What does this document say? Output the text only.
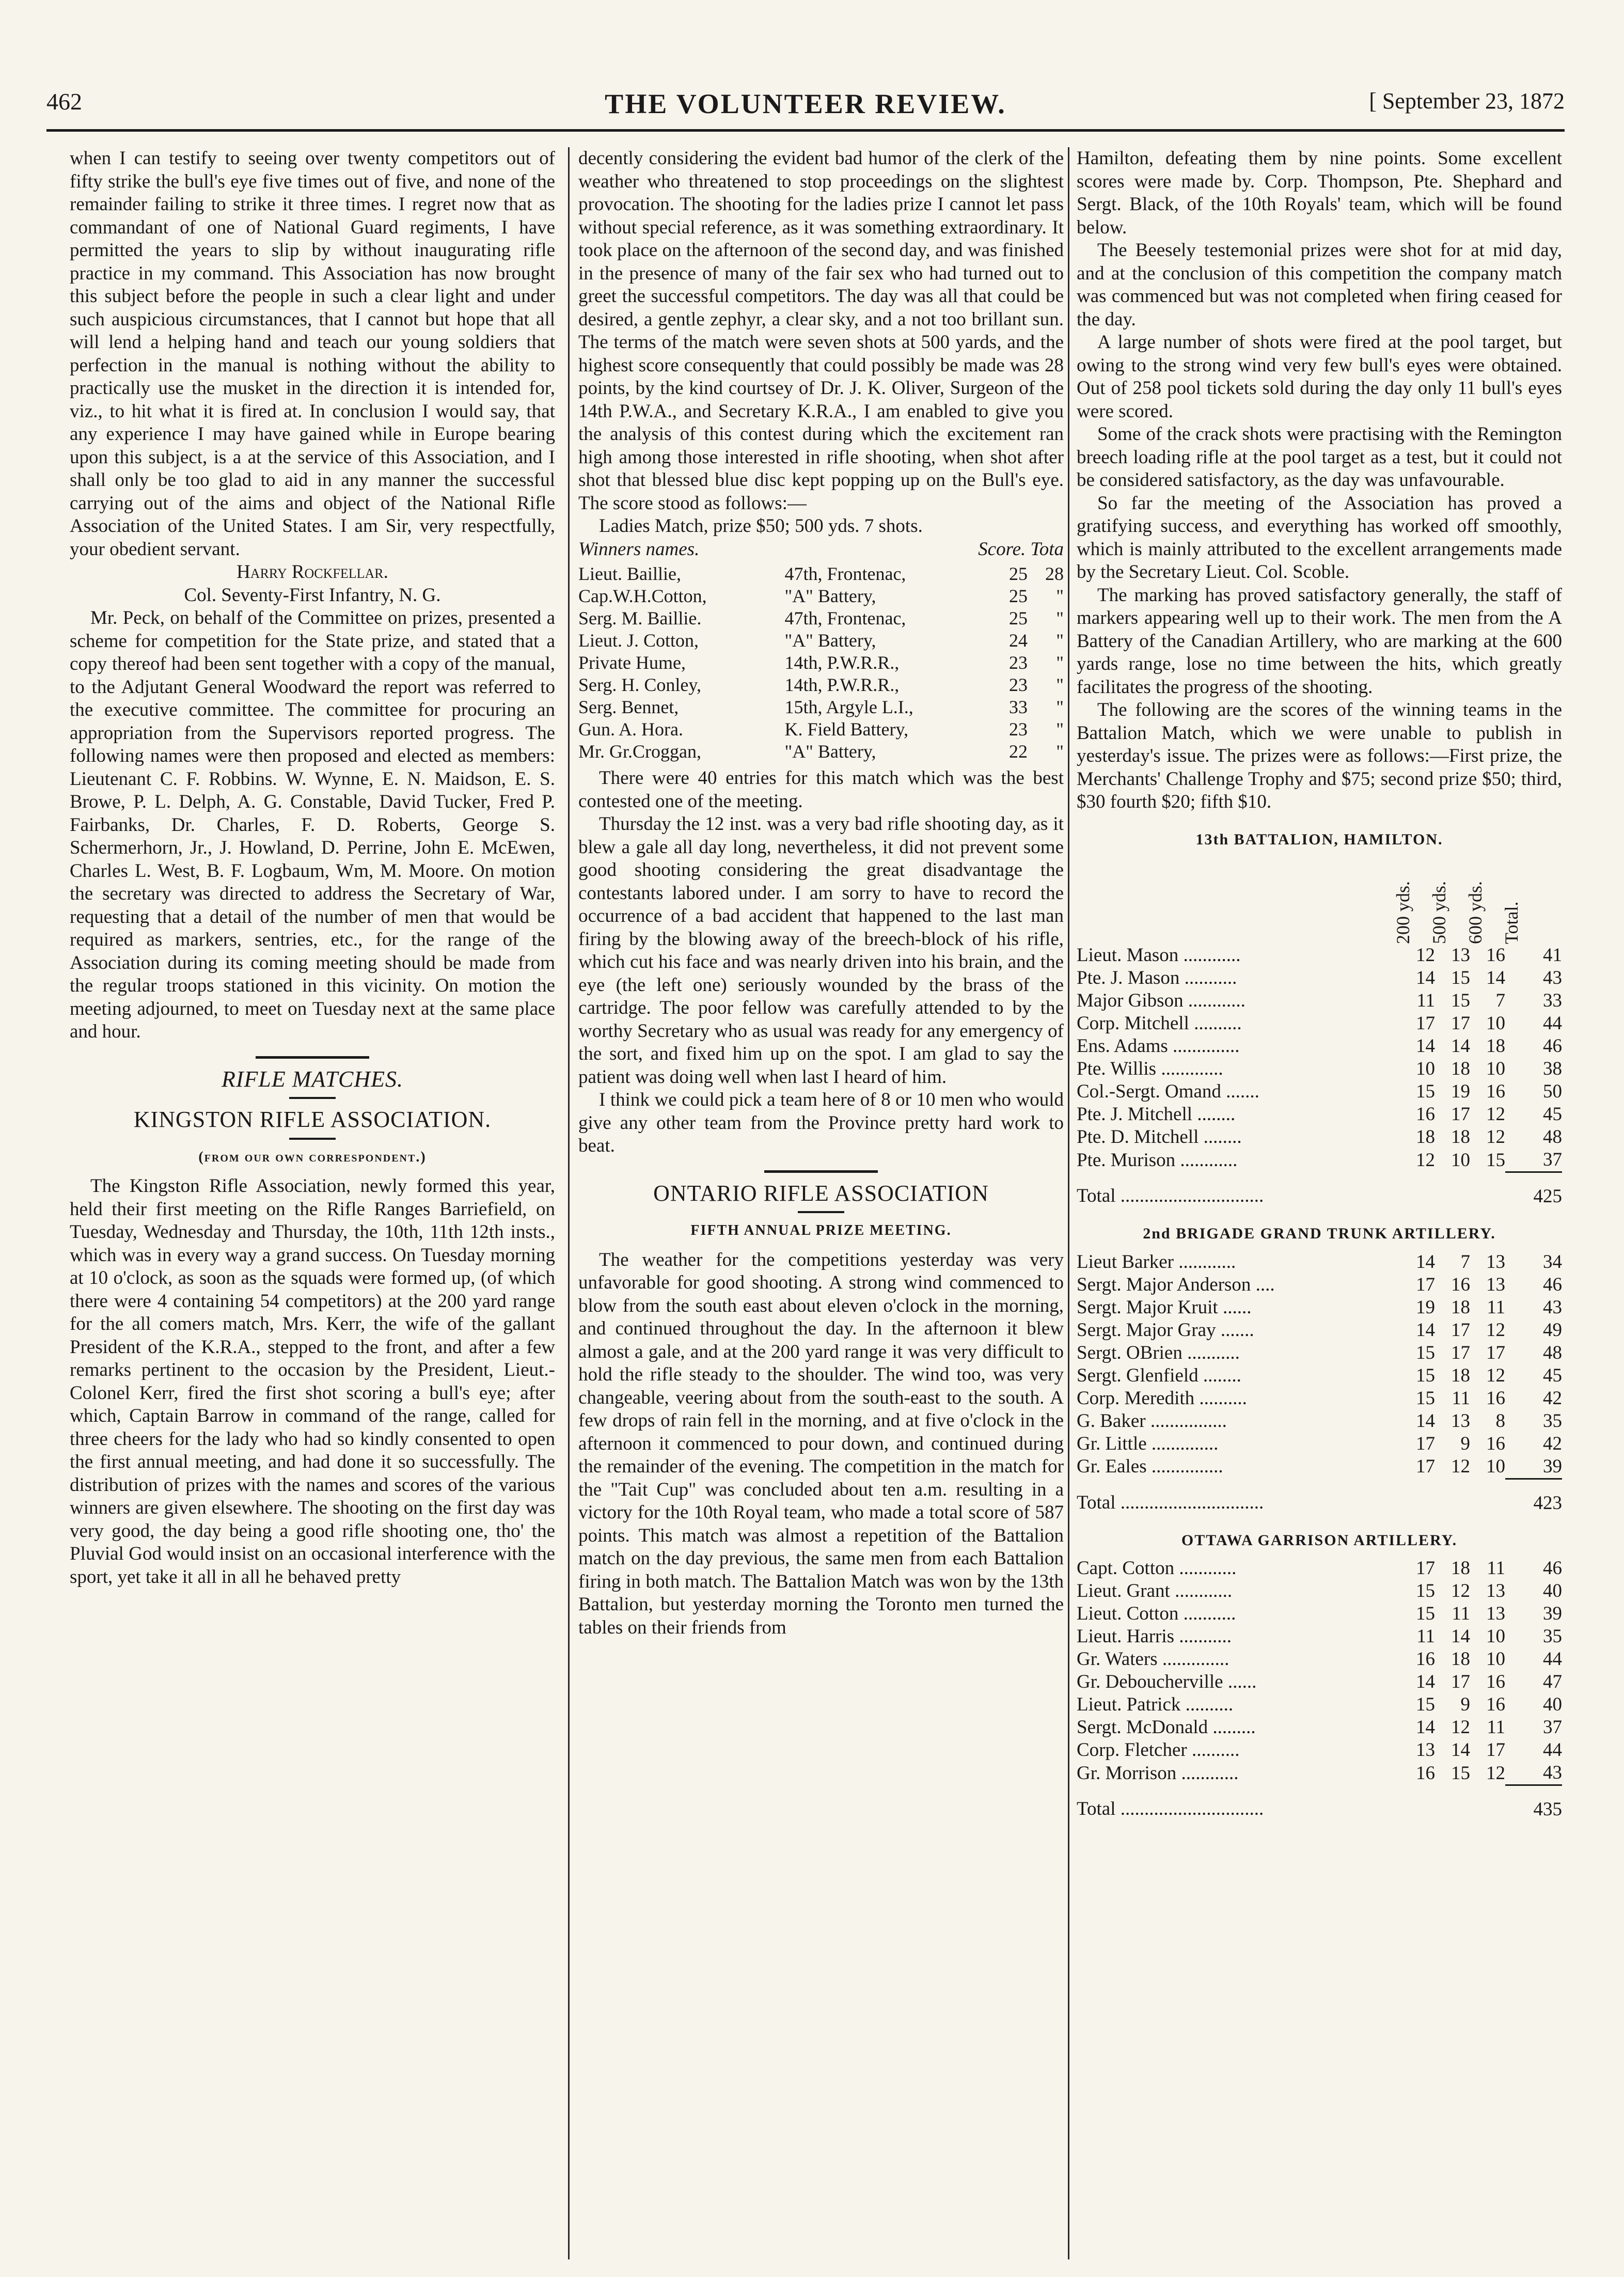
462	THE VOLUNTEER REVIEW.	[ September 23, 1872

when I can testify to seeing over twenty competitors out of fifty strike the bull's eye five times out of five, and none of the remainder failing to strike it three times. I regret now that as commandant of one of National Guard regiments, I have permitted the years to slip by without inaugurating rifle practice in my command. This Association has now brought this subject before the people in such a clear light and under such auspicious circumstances, that I cannot but hope that all will lend a helping hand and teach our young soldiers that perfection in the manual is nothing without the ability to practically use the musket in the direction it is intended for, viz., to hit what it is fired at. In conclusion I would say, that any experience I may have gained while in Europe bearing upon this subject, is a at the service of this Association, and I shall only be too glad to aid in any manner the successful carrying out of the aims and object of the National Rifle Association of the United States. I am Sir, very respectfully, your obedient servant.

Harry Rockfellar.

Col. Seventy-First Infantry, N. G.

Mr. Peck, on behalf of the Committee on prizes, presented a scheme for competition for the State prize, and stated that a copy thereof had been sent together with a copy of the manual, to the Adjutant General Woodward the report was referred to the executive committee. The committee for procuring an appropriation from the Supervisors reported progress. The following names were then proposed and elected as members: Lieutenant C. F. Robbins. W. Wynne, E. N. Maidson, E. S. Browe, P. L. Delph, A. G. Constable, David Tucker, Fred P. Fairbanks, Dr. Charles, F. D. Roberts, George S. Schermerhorn, Jr., J. Howland, D. Perrine, John E. McEwen, Charles L. West, B. F. Logbaum, Wm, M. Moore. On motion the secretary was directed to address the Secretary of War, requesting that a detail of the number of men that would be required as markers, sentries, etc., for the range of the Association during its coming meeting should be made from the regular troops stationed in this vicinity. On motion the meeting adjourned, to meet on Tuesday next at the same place and hour.

RIFLE MATCHES.

KINGSTON RIFLE ASSOCIATION.

(from our own correspondent.)

The Kingston Rifle Association, newly formed this year, held their first meeting on the Rifle Ranges Barriefield, on Tuesday, Wednesday and Thursday, the 10th, 11th 12th insts., which was in every way a grand success. On Tuesday morning at 10 o'clock, as soon as the squads were formed up, (of which there were 4 containing 54 competitors) at the 200 yard range for the all comers match, Mrs. Kerr, the wife of the gallant President of the K.R.A., stepped to the front, and after a few remarks pertinent to the occasion by the President, Lieut.-Colonel Kerr, fired the first shot scoring a bull's eye; after which, Captain Barrow in command of the range, called for three cheers for the lady who had so kindly consented to open the first annual meeting, and had done it so successfully. The distribution of prizes with the names and scores of the various winners are given elsewhere. The shooting on the first day was very good, the day being a good rifle shooting one, tho' the Pluvial God would insist on an occasional interference with the sport, yet take it all in all he behaved pretty

decently considering the evident bad humor of the clerk of the weather who threatened to stop proceedings on the slightest provocation. The shooting for the ladies prize I cannot let pass without special reference, as it was something extraordinary. It took place on the afternoon of the second day, and was finished in the presence of many of the fair sex who had turned out to greet the successful competitors. The day was all that could be desired, a gentle zephyr, a clear sky, and a not too brillant sun. The terms of the match were seven shots at 500 yards, and the highest score consequently that could possibly be made was 28 points, by the kind courtsey of Dr. J. K. Oliver, Surgeon of the 14th P.W.A., and Secretary K.R.A., I am enabled to give you the analysis of this contest during which the excitement ran high among those interested in rifle shooting, when shot after shot that blessed blue disc kept popping up on the Bull's eye. The score stood as follows:—

Ladies Match, prize $50; 500 yds. 7 shots.

Winners names.	Score. Tota
Lieut. Baillie,	47th, Frontenac,	25	28
Cap.W.H.Cotton,	"A" Battery,	25	"
Serg. M. Baillie.	47th, Frontenac,	25	"
Lieut. J. Cotton,	"A" Battery,	24	"
Private Hume,	14th, P.W.R.R.,	23	"
Serg. H. Conley,	14th, P.W.R.R.,	23	"
Serg. Bennet,	15th, Argyle L.I.,	33	"
Gun. A. Hora.	K. Field Battery,	23	"
Mr. Gr.Croggan,	"A" Battery,	22	"

There were 40 entries for this match which was the best contested one of the meeting.

Thursday the 12 inst. was a very bad rifle shooting day, as it blew a gale all day long, nevertheless, it did not prevent some good shooting considering the great disadvantage the contestants labored under. I am sorry to have to record the occurrence of a bad accident that happened to the last man firing by the blowing away of the breech-block of his rifle, which cut his face and was nearly driven into his brain, and the eye (the left one) seriously wounded by the brass of the cartridge. The poor fellow was carefully attended to by the worthy Secretary who as usual was ready for any emergency of the sort, and fixed him up on the spot. I am glad to say the patient was doing well when last I heard of him.

I think we could pick a team here of 8 or 10 men who would give any other team from the Province pretty hard work to beat.

ONTARIO RIFLE ASSOCIATION

FIFTH ANNUAL PRIZE MEETING.

The weather for the competitions yesterday was very unfavorable for good shooting. A strong wind commenced to blow from the south east about eleven o'clock in the morning, and continued throughout the day. In the afternoon it blew almost a gale, and at the 200 yard range it was very difficult to hold the rifle steady to the shoulder. The wind too, was very changeable, veering about from the south-east to the south. A few drops of rain fell in the morning, and at five o'clock in the afternoon it commenced to pour down, and continued during the remainder of the evening. The competition in the match for the "Tait Cup" was concluded about ten a.m. resulting in a victory for the 10th Royal team, who made a total score of 587 points. This match was almost a repetition of the Battalion match on the day previous, the same men from each Battalion firing in both match. The Battalion Match was won by the 13th Battalion, but yesterday morning the Toronto men turned the tables on their friends from

Hamilton, defeating them by nine points. Some excellent scores were made by. Corp. Thompson, Pte. Shephard and Sergt. Black, of the 10th Royals' team, which will be found below.

The Beesely testemonial prizes were shot for at mid day, and at the conclusion of this competition the company match was commenced but was not completed when firing ceased for the day.

A large number of shots were fired at the pool target, but owing to the strong wind very few bull's eyes were obtained. Out of 258 pool tickets sold during the day only 11 bull's eyes were scored.

Some of the crack shots were practising with the Remington breech loading rifle at the pool target as a test, but it could not be considered satisfactory, as the day was unfavourable.

So far the meeting of the Association has proved a gratifying success, and everything has worked off smoothly, which is mainly attributed to the excellent arrangements made by the Secretary Lieut. Col. Scoble.

The marking has proved satisfactory generally, the staff of markers appearing well up to their work. The men from the A Battery of the Canadian Artillery, who are marking at the 600 yards range, lose no time between the hits, which greatly facilitates the progress of the shooting.

The following are the scores of the winning teams in the Battalion Match, which we were unable to publish in yesterday's issue. The prizes were as follows:—First prize, the Merchants' Challenge Trophy and $75; second prize $50; third, $30 fourth $20; fifth $10.

13th BATTALION, HAMILTON.

200 yds. 500 yds. 600 yds. Total.
Lieut. Mason ............	12	13	16	41
Pte. J. Mason ...........	14	15	14	43
Major Gibson ............	11	15	7	33
Corp. Mitchell ..........	17	17	10	44
Ens. Adams ..............	14	14	18	46
Pte. Willis .............	10	18	10	38
Col.-Sergt. Omand .......	15	19	16	50
Pte. J. Mitchell ........	16	17	12	45
Pte. D. Mitchell ........	18	18	12	48
Pte. Murison ............	12	10	15	37
Total ..............................				425

2nd BRIGADE GRAND TRUNK ARTILLERY.

Lieut Barker ............	14	7	13	34
Sergt. Major Anderson ....	17	16	13	46
Sergt. Major Kruit ......	19	18	11	43
Sergt. Major Gray .......	14	17	12	49
Sergt. OBrien ...........	15	17	17	48
Sergt. Glenfield ........	15	18	12	45
Corp. Meredith ..........	15	11	16	42
G. Baker ................	14	13	8	35
Gr. Little ..............	17	9	16	42
Gr. Eales ...............	17	12	10	39
Total ..............................				423

OTTAWA GARRISON ARTILLERY.

Capt. Cotton ............	17	18	11	46
Lieut. Grant ............	15	12	13	40
Lieut. Cotton ...........	15	11	13	39
Lieut. Harris ...........	11	14	10	35
Gr. Waters ..............	16	18	10	44
Gr. Deboucherville ......	14	17	16	47
Lieut. Patrick ..........	15	9	16	40
Sergt. McDonald .........	14	12	11	37
Corp. Fletcher ..........	13	14	17	44
Gr. Morrison ............	16	15	12	43
Total ..............................				435
